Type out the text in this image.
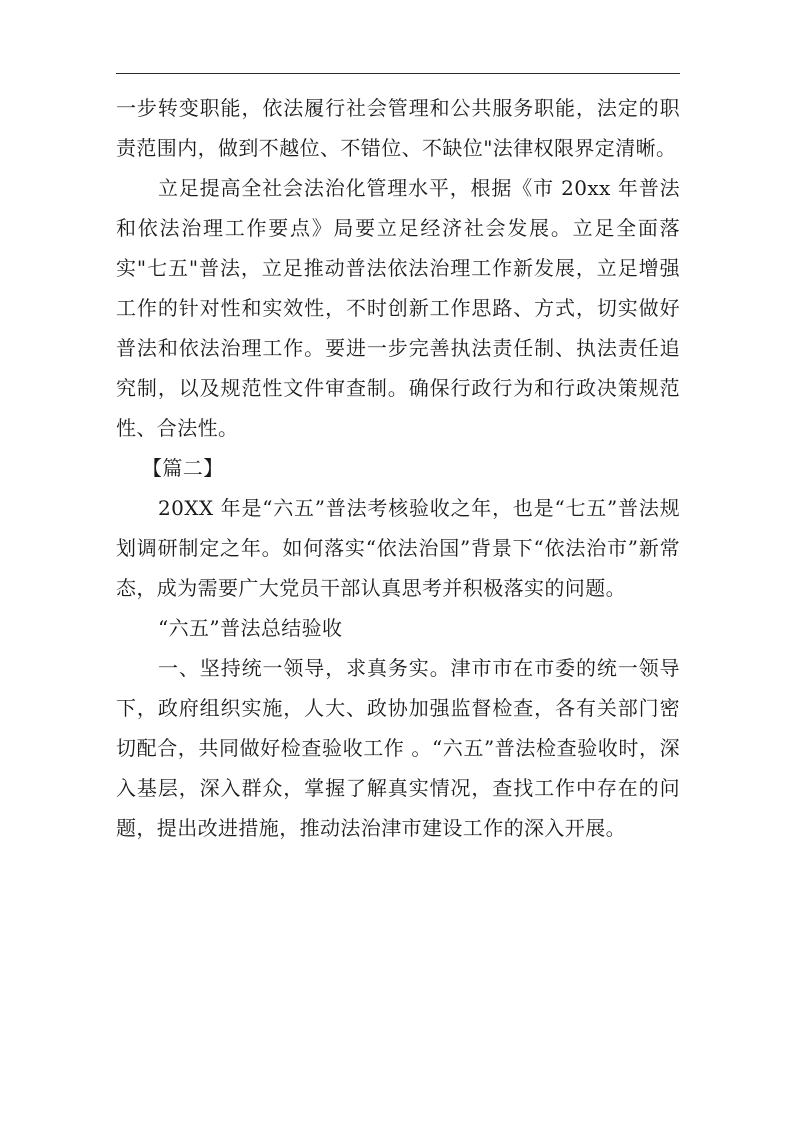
一步转变职能，依法履行社会管理和公共服务职能，法定的职责范围内，做到不越位、不错位、不缺位"法律权限界定清晰。

立足提高全社会法治化管理水平，根据《市 20xx 年普法和依法治理工作要点》局要立足经济社会发展。立足全面落实"七五"普法，立足推动普法依法治理工作新发展，立足增强工作的针对性和实效性，不时创新工作思路、方式，切实做好普法和依法治理工作。要进一步完善执法责任制、执法责任追究制，以及规范性文件审查制。确保行政行为和行政决策规范性、合法性。

【篇二】

20XX 年是“六五”普法考核验收之年，也是“七五”普法规划调研制定之年。如何落实“依法治国”背景下“依法治市”新常态，成为需要广大党员干部认真思考并积极落实的问题。

“六五”普法总结验收

一、坚持统一领导，求真务实。津市市在市委的统一领导下，政府组织实施，人大、政协加强监督检查，各有关部门密切配合，共同做好检查验收工作 。“六五”普法检查验收时，深入基层，深入群众，掌握了解真实情况，查找工作中存在的问题，提出改进措施，推动法治津市建设工作的深入开展。
